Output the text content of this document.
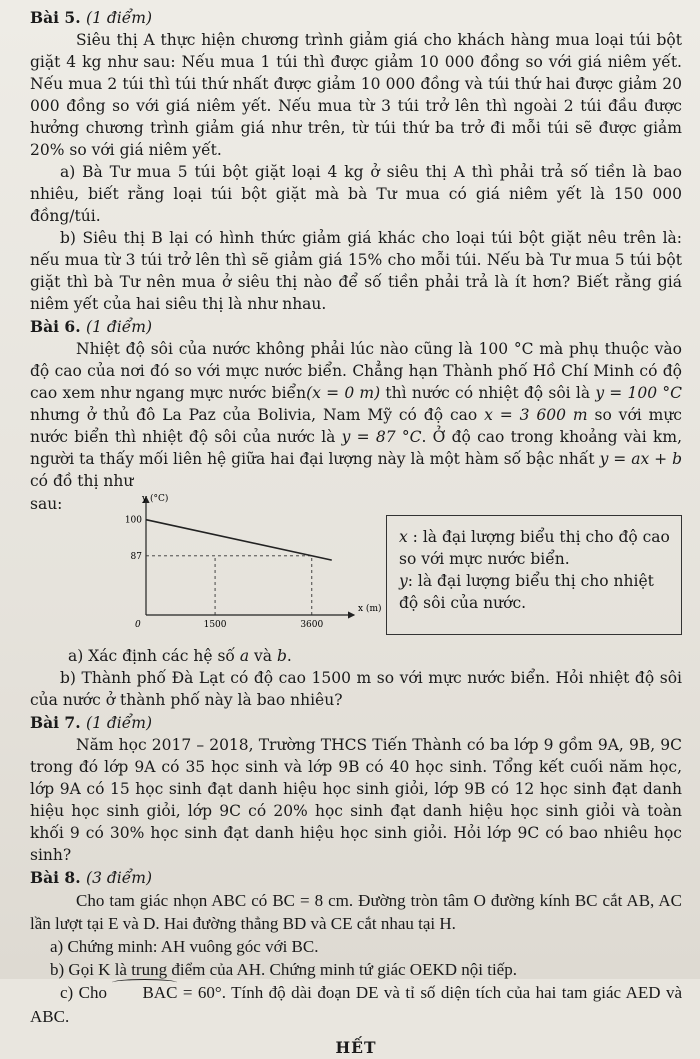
Bài 5. (1 điểm)

Siêu thị A thực hiện chương trình giảm giá cho khách hàng mua loại túi bột giặt 4 kg như sau: Nếu mua 1 túi thì được giảm 10 000 đồng so với giá niêm yết. Nếu mua 2 túi thì túi thứ nhất được giảm 10 000 đồng và túi thứ hai được giảm 20 000 đồng so với giá niêm yết. Nếu mua từ 3 túi trở lên thì ngoài 2 túi đầu được hưởng chương trình giảm giá như trên, từ túi thứ ba trở đi mỗi túi sẽ được giảm 20% so với giá niêm yết.

a) Bà Tư mua 5 túi bột giặt loại 4 kg ở siêu thị A thì phải trả số tiền là bao nhiêu, biết rằng loại túi bột giặt mà bà Tư mua có giá niêm yết là 150 000 đồng/túi.

b) Siêu thị B lại có hình thức giảm giá khác cho loại túi bột giặt nêu trên là: nếu mua từ 3 túi trở lên thì sẽ giảm giá 15% cho mỗi túi. Nếu bà Tư mua 5 túi bột giặt thì bà Tư nên mua ở siêu thị nào để số tiền phải trả là ít hơn? Biết rằng giá niêm yết của hai siêu thị là như nhau.

Bài 6. (1 điểm)

Nhiệt độ sôi của nước không phải lúc nào cũng là 100 °C mà phụ thuộc vào độ cao của nơi đó so với mực nước biển. Chẳng hạn Thành phố Hồ Chí Minh có độ cao xem như ngang mực nước biển(x = 0 m) thì nước có nhiệt độ sôi là y = 100 °C nhưng ở thủ đô La Paz của Bolivia, Nam Mỹ có độ cao x = 3 600 m so với mực nước biển thì nhiệt độ sôi của nước là y = 87 °C. Ở độ cao trong khoảng vài km, người ta thấy mối liên hệ giữa hai đại lượng này là một hàm số bậc nhất y = ax + b có đồ thị như

sau:	y (°C)
x (m)
0
100
87
1500	3600

x : là đại lượng biểu thị cho độ cao so với mực nước biển.

y: là đại lượng biểu thị cho nhiệt độ sôi của nước.

a) Xác định các hệ số a và b.

b) Thành phố Đà Lạt có độ cao 1500 m so với mực nước biển. Hỏi nhiệt độ sôi của nước ở thành phố này là bao nhiêu?

Bài 7. (1 điểm)

Năm học 2017 – 2018, Trường THCS Tiến Thành có ba lớp 9 gồm 9A, 9B, 9C trong đó lớp 9A có 35 học sinh và lớp 9B có 40 học sinh. Tổng kết cuối năm học, lớp 9A có 15 học sinh đạt danh hiệu học sinh giỏi, lớp 9B có 12 học sinh đạt danh hiệu học sinh giỏi, lớp 9C có 20% học sinh đạt danh hiệu học sinh giỏi và toàn khối 9 có 30% học sinh đạt danh hiệu học sinh giỏi. Hỏi lớp 9C có bao nhiêu học sinh?

Bài 8. (3 điểm)

Cho tam giác nhọn ABC có BC = 8 cm. Đường tròn tâm O đường kính BC cắt AB, AC lần lượt tại E và D. Hai đường thẳng BD và CE cắt nhau tại H.

a) Chứng minh: AH vuông góc với BC.

b) Gọi K là trung điểm của AH. Chứng minh tứ giác OEKD nội tiếp.

c) Cho BAC = 60°. Tính độ dài đoạn DE và tỉ số diện tích của hai tam giác AED và ABC.

HẾT
